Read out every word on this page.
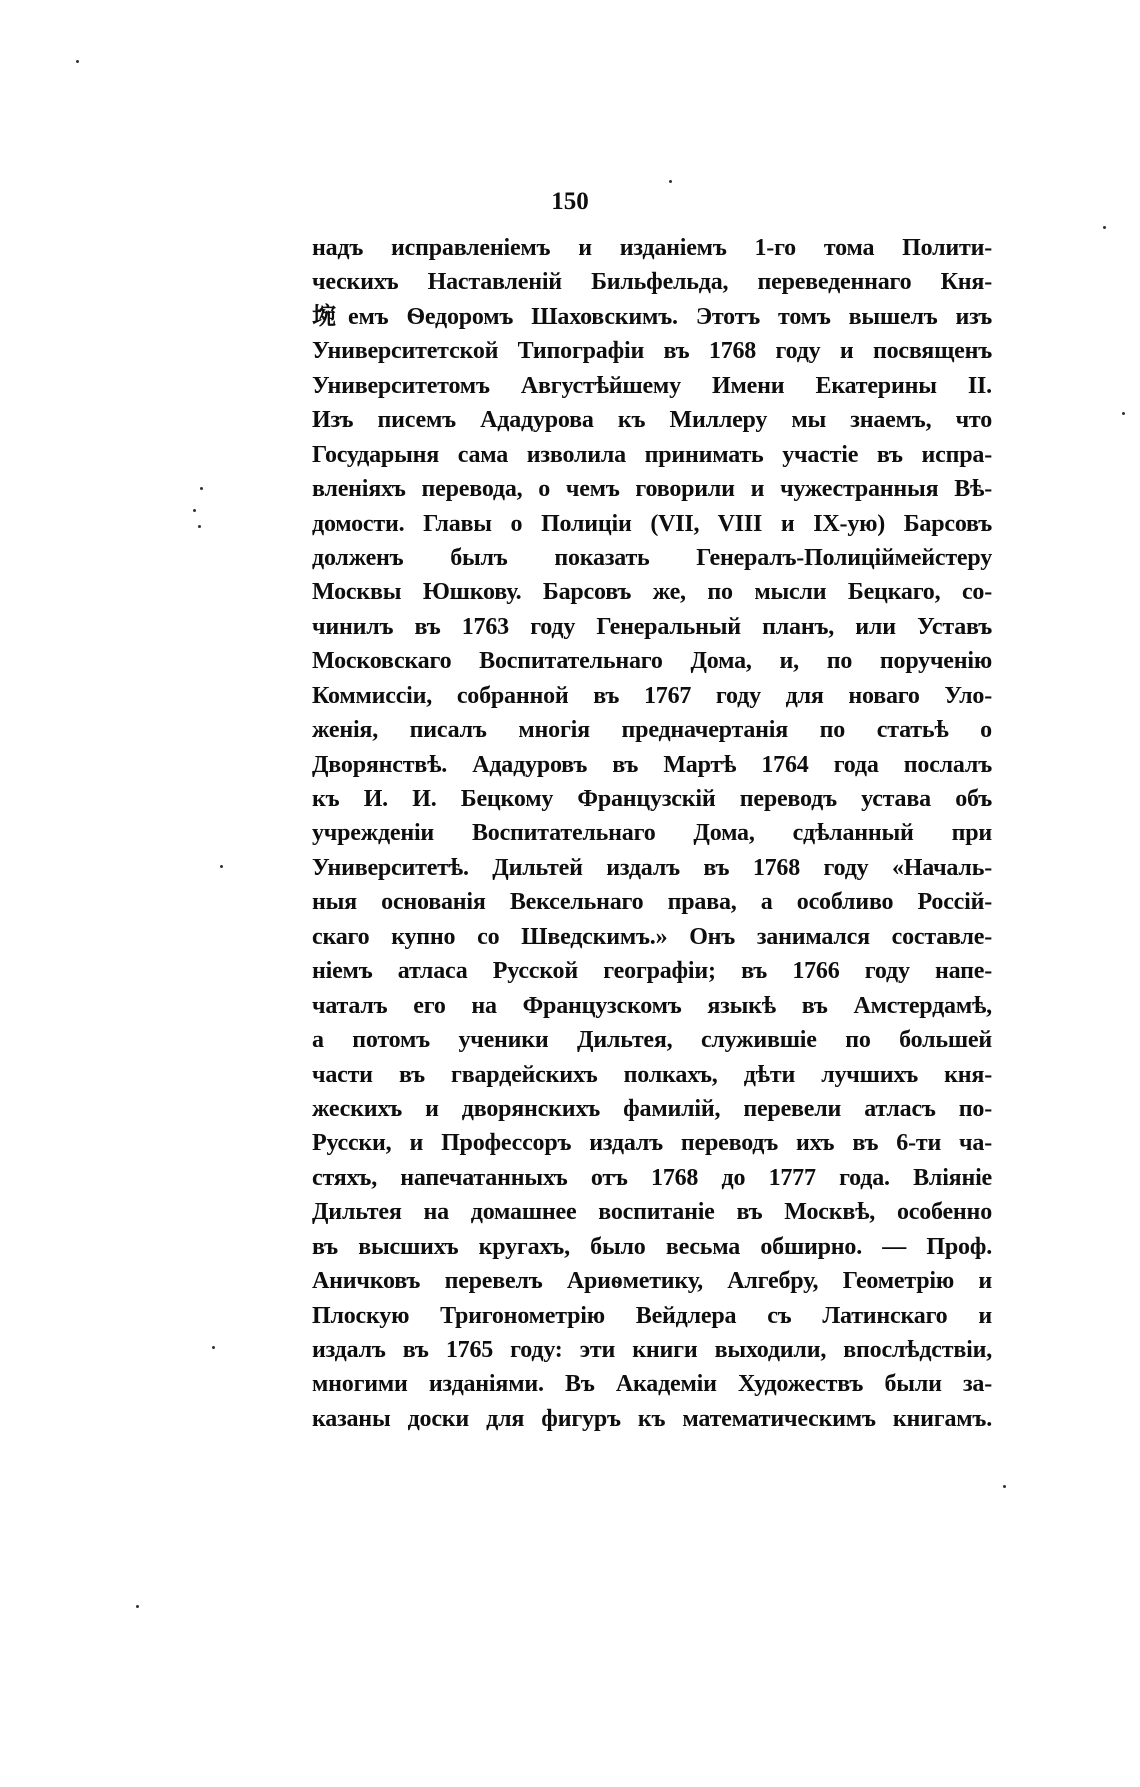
150
надъ исправленіемъ и изданіемъ 1-го тома Полити-
ческихъ Наставленій Бильфельда, переведеннаго Кня-
埦емъ Ѳедоромъ Шаховскимъ. Этотъ томъ вышелъ изъ
Университетской Типографіи въ 1768 году и посвященъ
Университетомъ Августѣйшему Имени Екатерины II.
Изъ писемъ Ададурова къ Миллеру мы знаемъ, что
Государыня сама изволила принимать участіе въ испра-
вленіяхъ перевода, о чемъ говорили и чужестранныя Вѣ-
домости. Главы о Полиціи (VII, VIII и IX-ую) Барсовъ
долженъ былъ показать Генералъ-Полицiймейстеру
Москвы Юшкову. Барсовъ же, по мысли Бецкаго, со-
чинилъ въ 1763 году Генеральный планъ, или Уставъ
Московскаго Воспитательнаго Дома, и, по порученію
Коммиссіи, собранной въ 1767 году для новаго Уло-
женія, писалъ многія предначертанія по статьѣ о
Дворянствѣ. Ададуровъ въ Мартѣ 1764 года послалъ
къ И. И. Бецкому Французскій переводъ устава объ
учрежденіи Воспитательнаго Дома, сдѣланный при
Университетѣ. Дильтей издалъ въ 1768 году «Началь-
ныя основанія Вексельнаго права, а особливо Россій-
скаго купно со Шведскимъ.» Онъ занимался составле-
ніемъ атласа Русской географіи; въ 1766 году напе-
чаталъ его на Французскомъ языкѣ въ Амстердамѣ,
а потомъ ученики Дильтея, служившіе по большей
части въ гвардейскихъ полкахъ, дѣти лучшихъ кня-
жескихъ и дворянскихъ фамилій, перевели атласъ по-
Русски, и Профессоръ издалъ переводъ ихъ въ 6-ти ча-
стяхъ, напечатанныхъ отъ 1768 до 1777 года. Вліяніе
Дильтея на домашнее воспитаніе въ Москвѣ, особенно
въ высшихъ кругахъ, было весьма обширно. — Проф.
Аничковъ перевелъ Ариѳметику, Алгебру, Геометрію и
Плоскую Тригонометрію Вейдлера съ Латинскаго и
издалъ въ 1765 году: эти книги выходили, впослѣдствіи,
многими изданіями. Въ Академіи Художествъ были за-
казаны доски для фигуръ къ математическимъ книгамъ.
